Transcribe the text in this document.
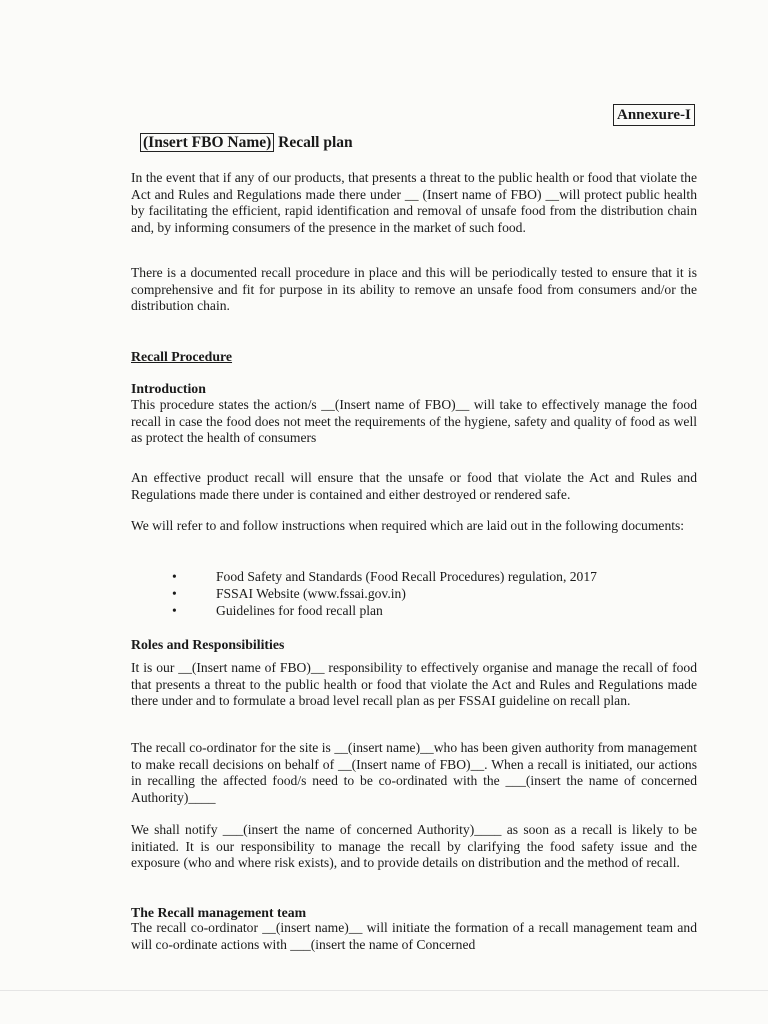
Annexure-I
(Insert FBO Name) Recall plan

In the event that if any of our products, that presents a threat to the public health or food that violate the Act and Rules and Regulations made there under __ (Insert name of FBO) __will protect public health by facilitating the efficient, rapid identification and removal of unsafe food from the distribution chain and, by informing consumers of the presence in the market of such food.

There is a documented recall procedure in place and this will be periodically tested to ensure that it is comprehensive and fit for purpose in its ability to remove an unsafe food from consumers and/or the distribution chain.

Recall Procedure
Introduction

This procedure states the action/s __(Insert name of FBO)__ will take to effectively manage the food recall in case the food does not meet the requirements of the hygiene, safety and quality of food as well as protect the health of consumers

An effective product recall will ensure that the unsafe or food that violate the Act and Rules and Regulations made there under is contained and either destroyed or rendered safe.

We will refer to and follow instructions when required which are laid out in the following documents:

• Food Safety and Standards (Food Recall Procedures) regulation, 2017
• FSSAI Website (www.fssai.gov.in)
• Guidelines for food recall plan
Roles and Responsibilities

It is our __(Insert name of FBO)__ responsibility to effectively organise and manage the recall of food that presents a threat to the public health or food that violate the Act and Rules and Regulations made there under and to formulate a broad level recall plan as per FSSAI guideline on recall plan.

The recall co-ordinator for the site is __(insert name)__who has been given authority from management to make recall decisions on behalf of __(Insert name of FBO)__. When a recall is initiated, our actions in recalling the affected food/s need to be co-ordinated with the ___(insert the name of concerned Authority)____

We shall notify ___(insert the name of concerned Authority)____ as soon as a recall is likely to be initiated. It is our responsibility to manage the recall by clarifying the food safety issue and the exposure (who and where risk exists), and to provide details on distribution and the method of recall.

The Recall management team

The recall co-ordinator __(insert name)__ will initiate the formation of a recall management team and will co-ordinate actions with ___(insert the name of Concerned
